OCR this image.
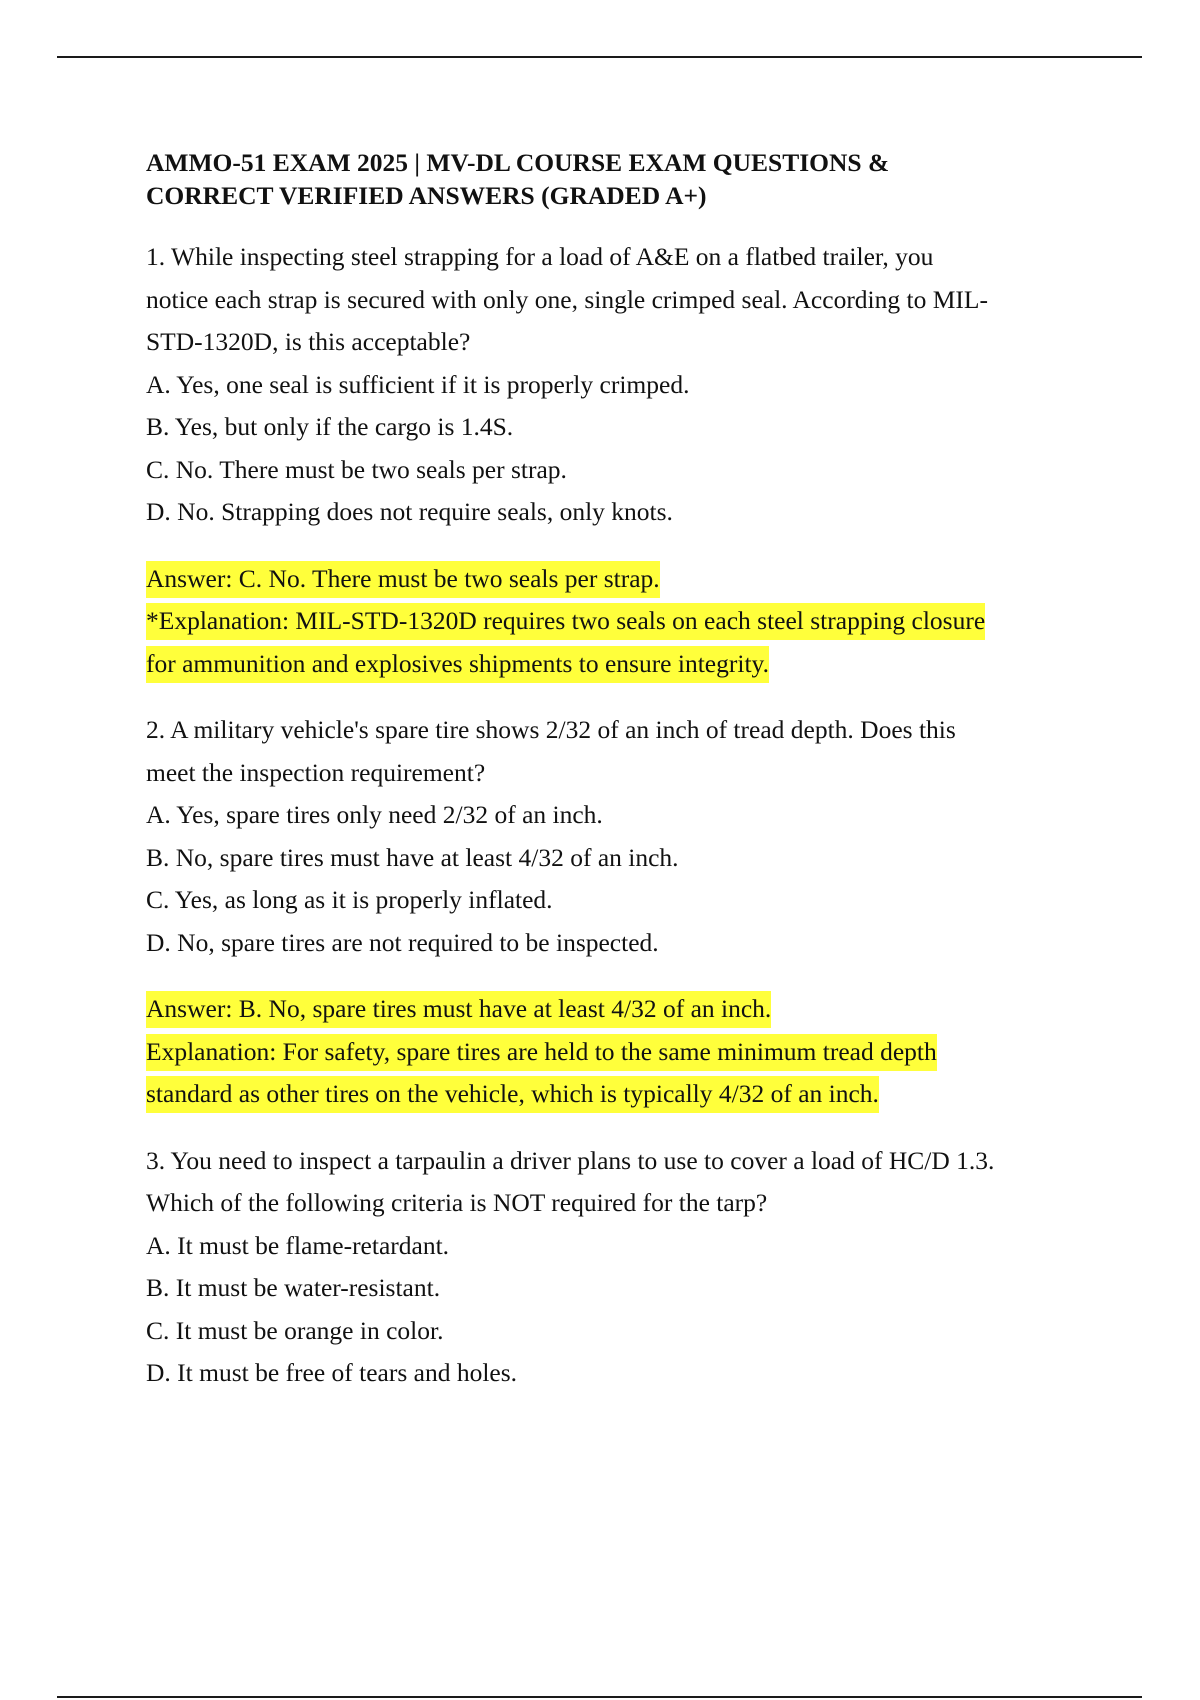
AMMO-51 EXAM 2025 | MV-DL COURSE EXAM QUESTIONS &
CORRECT VERIFIED ANSWERS (GRADED A+)

1. While inspecting steel strapping for a load of A&E on a flatbed trailer, you
notice each strap is secured with only one, single crimped seal. According to MIL-
STD-1320D, is this acceptable?

A. Yes, one seal is sufficient if it is properly crimped.

B. Yes, but only if the cargo is 1.4S.

C. No. There must be two seals per strap.

D. No. Strapping does not require seals, only knots.

Answer: C. No. There must be two seals per strap.

*Explanation: MIL-STD-1320D requires two seals on each steel strapping closure

for ammunition and explosives shipments to ensure integrity.

2. A military vehicle's spare tire shows 2/32 of an inch of tread depth. Does this
meet the inspection requirement?

A. Yes, spare tires only need 2/32 of an inch.

B. No, spare tires must have at least 4/32 of an inch.

C. Yes, as long as it is properly inflated.

D. No, spare tires are not required to be inspected.

Answer: B. No, spare tires must have at least 4/32 of an inch.

Explanation: For safety, spare tires are held to the same minimum tread depth

standard as other tires on the vehicle, which is typically 4/32 of an inch.

3. You need to inspect a tarpaulin a driver plans to use to cover a load of HC/D 1.3.
Which of the following criteria is NOT required for the tarp?

A. It must be flame-retardant.

B. It must be water-resistant.

C. It must be orange in color.

D. It must be free of tears and holes.
